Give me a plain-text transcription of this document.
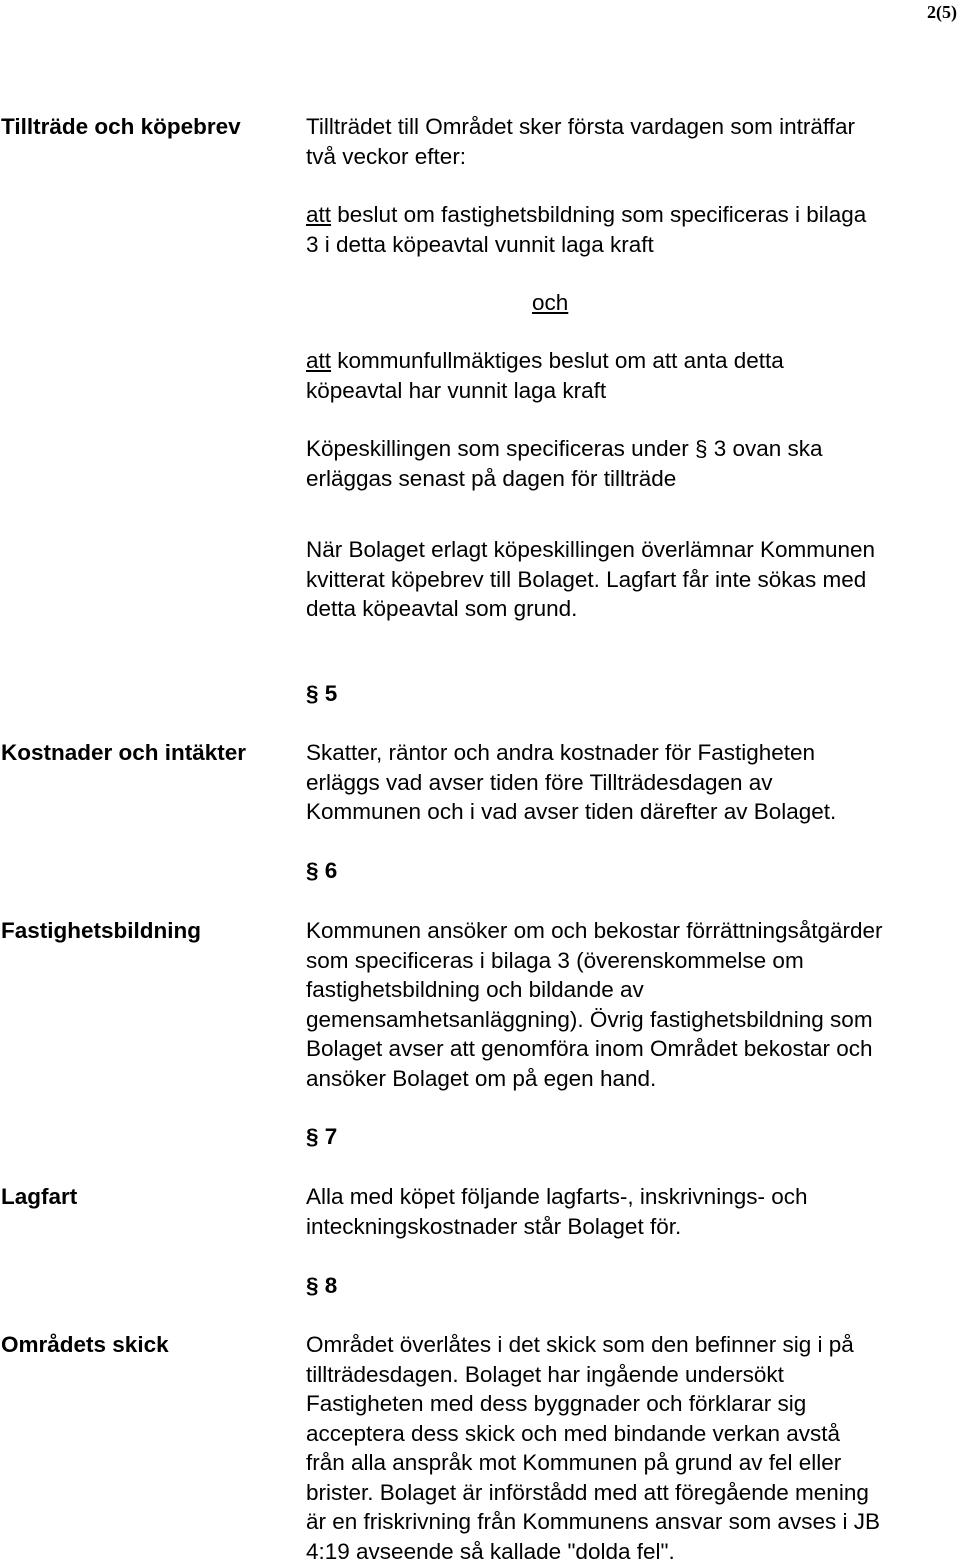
2(5)
Tillträde och köpebrev	Tillträdet till Området sker första vardagen som inträffar
två veckor efter:

att beslut om fastighetsbildning som specificeras i bilaga
3 i detta köpeavtal vunnit laga kraft

och

att kommunfullmäktiges beslut om att anta detta
köpeavtal har vunnit laga kraft

Köpeskillingen som specificeras under § 3 ovan ska
erläggas senast på dagen för tillträde

När Bolaget erlagt köpeskillingen överlämnar Kommunen
kvitterat köpebrev till Bolaget. Lagfart får inte sökas med
detta köpeavtal som grund.

§ 5
Kostnader och intäkter	Skatter, räntor och andra kostnader för Fastigheten
erläggs vad avser tiden före Tillträdesdagen av
Kommunen och i vad avser tiden därefter av Bolaget.

§ 6
Fastighetsbildning	Kommunen ansöker om och bekostar förrättningsåtgärder
som specificeras i bilaga 3 (överenskommelse om
fastighetsbildning och bildande av
gemensamhetsanläggning). Övrig fastighetsbildning som
Bolaget avser att genomföra inom Området bekostar och
ansöker Bolaget om på egen hand.

§ 7
Lagfart	Alla med köpet följande lagfarts-, inskrivnings- och
inteckningskostnader står Bolaget för.

§ 8
Områdets skick	Området överlåtes i det skick som den befinner sig i på
tillträdesdagen. Bolaget har ingående undersökt
Fastigheten med dess byggnader och förklarar sig
acceptera dess skick och med bindande verkan avstå
från alla anspråk mot Kommunen på grund av fel eller
brister. Bolaget är införstådd med att föregående mening
är en friskrivning från Kommunens ansvar som avses i JB
4:19 avseende så kallade "dolda fel".
